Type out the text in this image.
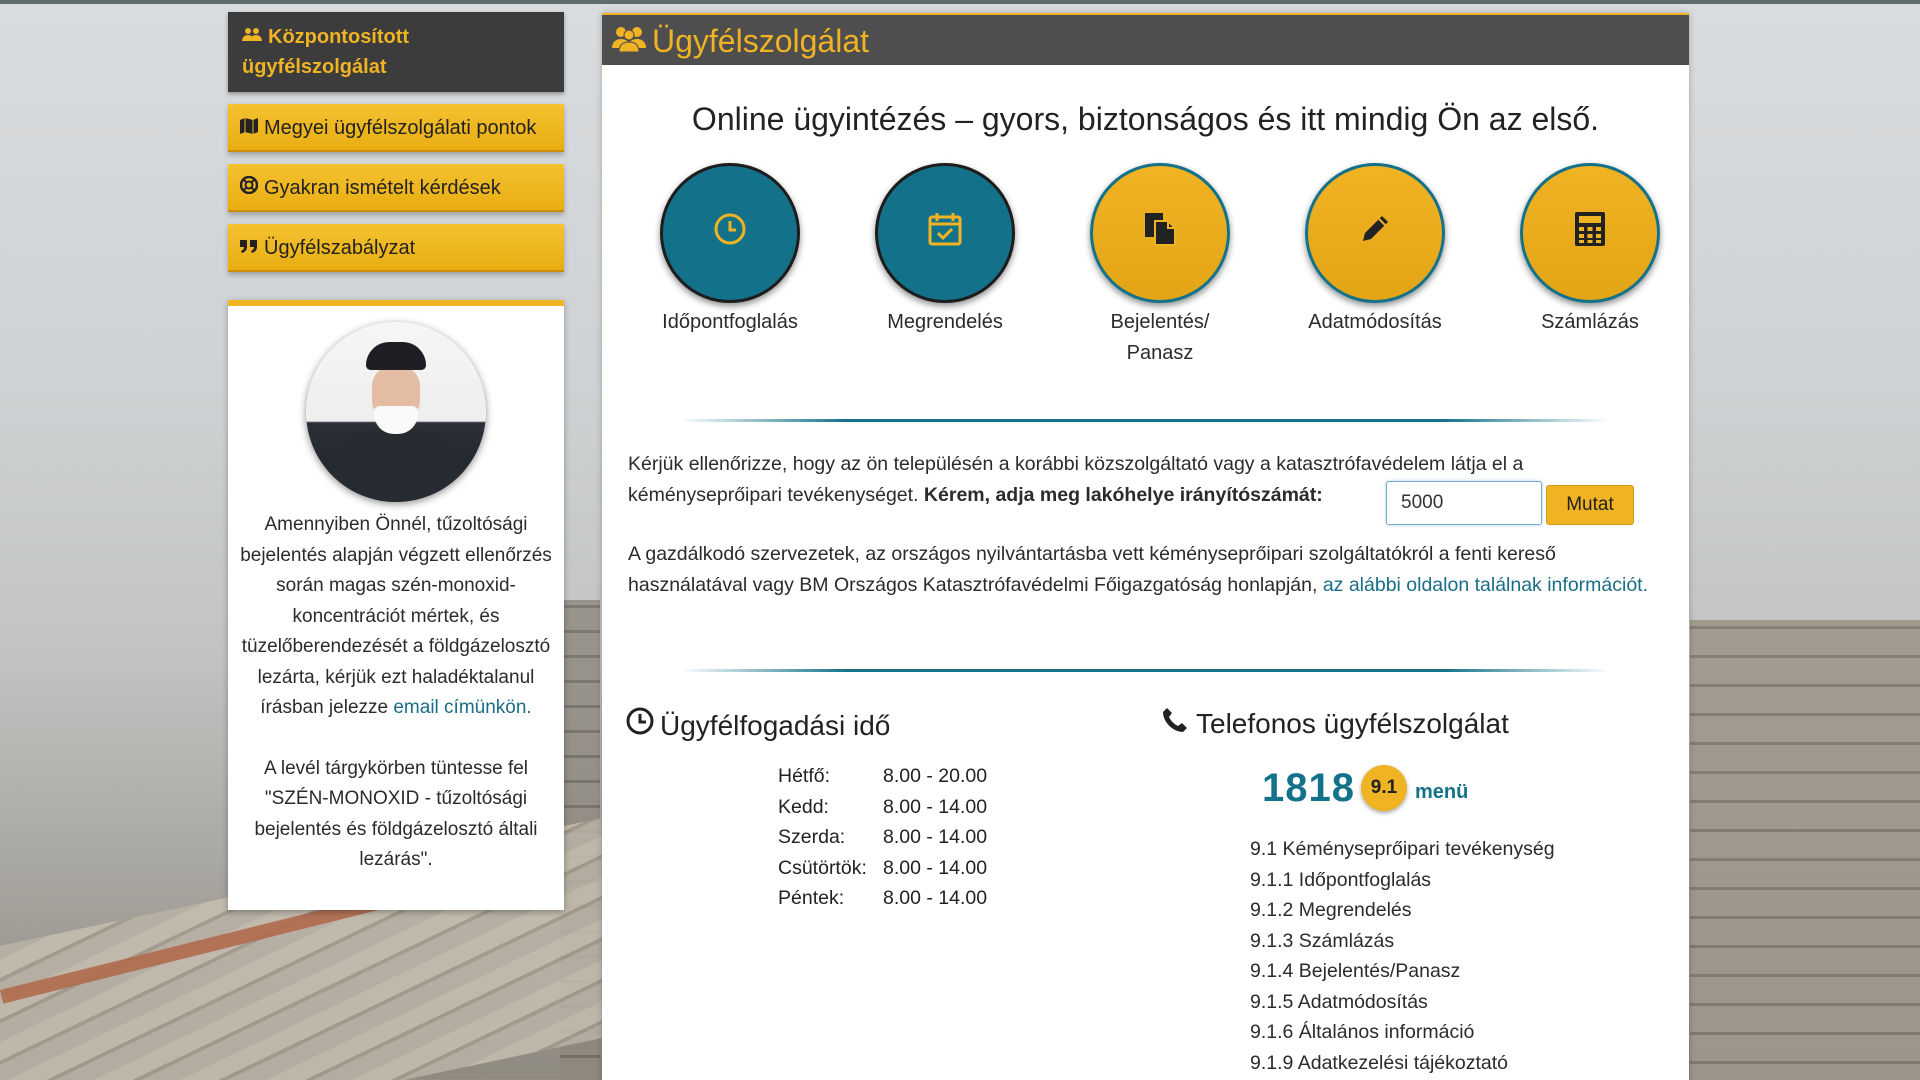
Központosított ügyfélszolgálat
Megyei ügyfélszolgálati pontok
Gyakran ismételt kérdések
Ügyfélszabályzat

Amennyiben Önnél, tűzoltósági bejelentés alapján végzett ellenőrzés során magas szén-monoxid-koncentrációt mértek, és tüzelőberendezését a földgázelosztó lezárta, kérjük ezt haladéktalanul írásban jelezze email címünkön.

A levél tárgykörben tüntesse fel "SZÉN-MONOXID - tűzoltósági bejelentés és földgázelosztó általi lezárás".

Ügyfélszolgálat
Online ügyintézés – gyors, biztonságos és itt mindig Ön az első.
Időpontfoglalás	Megrendelés	Bejelentés/ Panasz
Adatmódosítás	Számlázás
Kérjük ellenőrizze, hogy az ön településén a korábbi közszolgáltató vagy a katasztrófavédelem látja el a kéményseprőipari tevékenységet. Kérem, adja meg lakóhelye irányítószámát:
5000	Mutat
A gazdálkodó szervezetek, az országos nyilvántartásba vett kéményseprőipari szolgáltatókról a fenti kereső használatával vagy BM Országos Katasztrófavédelmi Főigazgatóság honlapján, az alábbi oldalon találnak információt.
Ügyfélfogadási idő
Hétfő:	8.00 - 20.00
Kedd:	8.00 - 14.00
Szerda:	8.00 - 14.00
Csütörtök: 8.00 - 14.00
Péntek:	8.00 - 14.00
Telefonos ügyfélszolgálat
1818 9.1 menü
9.1 Kéményseprőipari tevékenység
9.1.1 Időpontfoglalás
9.1.2 Megrendelés
9.1.3 Számlázás
9.1.4 Bejelentés/Panasz
9.1.5 Adatmódosítás
9.1.6 Általános információ
9.1.9 Adatkezelési tájékoztató
